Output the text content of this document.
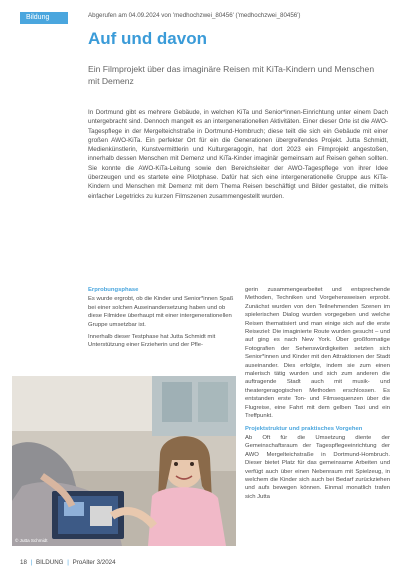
Bildung	Abgerufen am 04.09.2024 von 'medhochzwei_80456' ('medhochzwei_80456')
Auf und davon

Ein Filmprojekt über das imaginäre Reisen mit KiTa-Kindern und Menschen mit Demenz

In Dortmund gibt es mehrere Gebäude, in welchen KiTa und Senior*innen-Einrichtung unter einem Dach untergebracht sind. Dennoch mangelt es an intergenerationellen Aktivitäten. Einer dieser Orte ist die AWO-Tagespflege in der Mergelteichstraße in Dortmund-Hombruch; diese teilt die sich ein Gebäude mit einer großen AWO-KiTa. Ein perfekter Ort für ein die Generationen übergreifendes Projekt. Jutta Schmidt, Medienkünstlerin, Kunstvermittlerin und Kulturgeragogin, hat dort 2023 ein Filmprojekt angestoßen, innerhalb dessen Menschen mit Demenz und KiTa-Kinder imaginär gemeinsam auf Reisen gehen sollten. Sie konnte die AWO-KiTa-Leitung sowie den Bereichsleiter der AWO-Tagespflege von ihrer Idee überzeugen und es startete eine Pilotphase. Dafür hat sich eine intergenerationelle Gruppe aus KiTa-Kindern und Menschen mit Demenz mit dem Thema Reisen beschäftigt und Bilder gestaltet, die mittels einfacher Legetricks zu kurzen Filmszenen zusammengestellt wurden.
Erprobungsphase

Es wurde ergrobt, ob die Kinder und Senior*innen Spaß bei einer solchen Auseinandersetzung haben und ob diese Filmidee überhaupt mit einer intergenerationellen Gruppe umsetzbar ist.

Innerhalb dieser Testphase hat Jutta Schmidt mit Unterstützung einer Erzieherin und der Pfle-

gerin zusammengearbeitet und entsprechende Methoden, Techniken und Vorgehensweisen erprobt. Zunächst wurden von den Teilnehmenden Szenen im spielerischen Dialog wurden vorgegeben und welche Reisen thematisiert und man einige sich auf die erste Reiseziel: Die imaginierte Route wurden gesucht – und auf ging es nach New York. Über großformatige Fotografien der Sehenswürdigkeiten setzten sich Senior*innen und Kinder mit den Attraktionen der Stadt auseinander. Dies erfolgte, indem sie zum einen malerisch tätig wurden und sich zum anderen die auftragende Stadt auch mit musik- und theatergeragogischen Methoden erschlossen. Es entstanden erste Ton- und Filmsequenzen über die Flugreise, eine Fahrt mit dem gelben Taxi und ein Treffpunkt.

Projektstruktur und praktisches Vorgehen

Ab Oft für die Umsetzung diente der Gemeinschaftsraum der Tagespflegeeinrichtung der AWO Mergelteichstraße in Dortmund-Hombruch. Dieser bietet Platz für das gemeinsame Arbeiten und verfügt auch über einen Nebenraum mit Spielzeug, in welchem die Kinder sich auch bei Bedarf zurückziehen und aufs bewegen können. Einmal monatlich trafen sich Jutta

© Jutta Schmidt
18 | BILDUNG | ProAlter 3/2024
